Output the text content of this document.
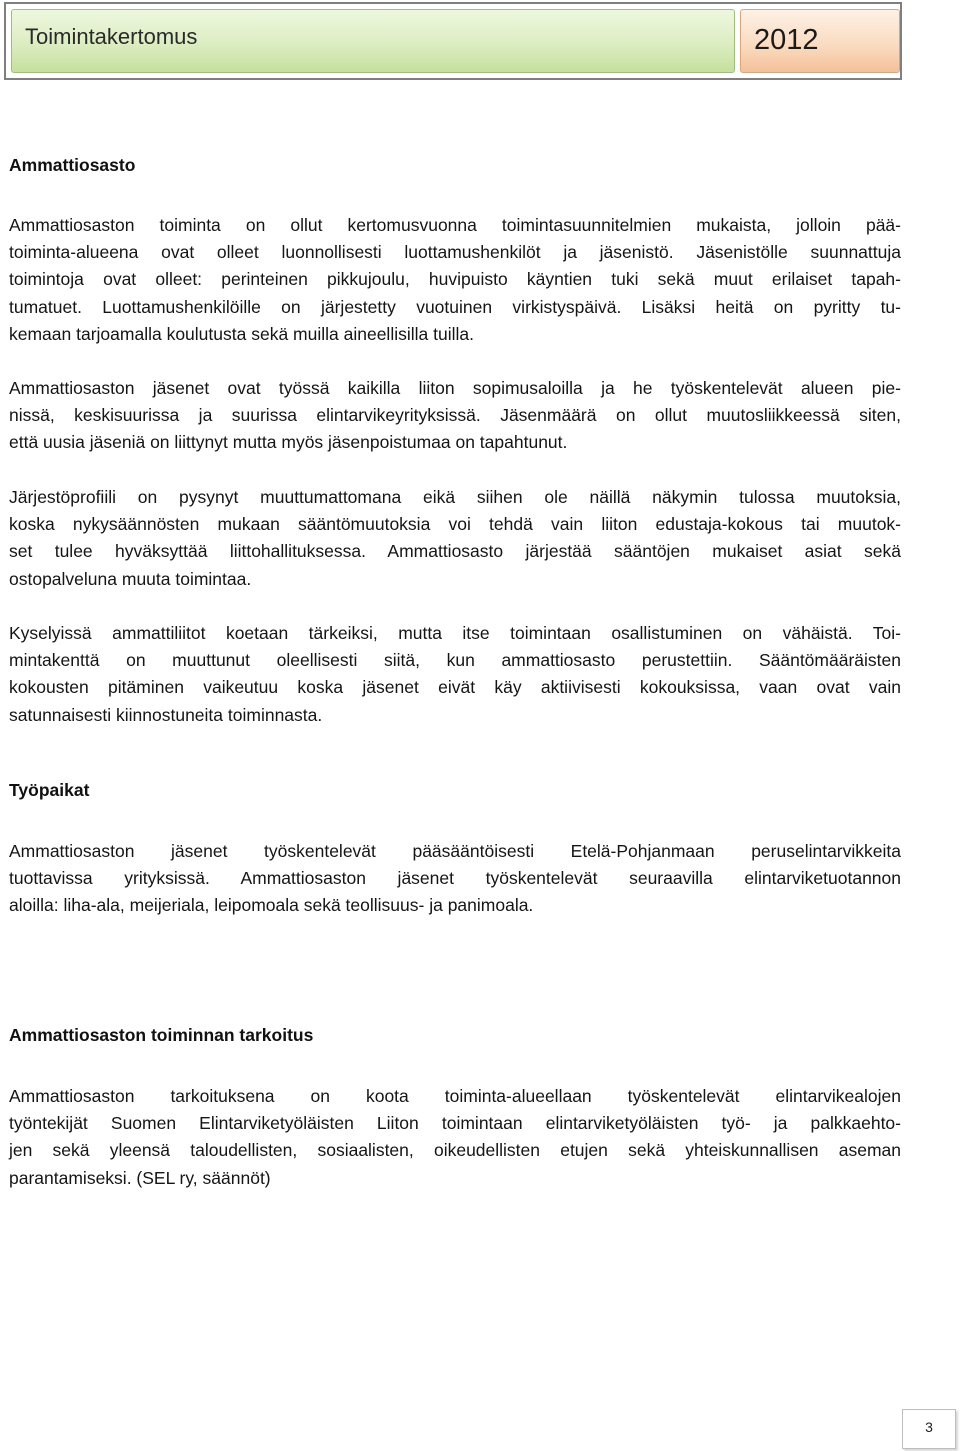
Toimintakertomus	2012
Ammattiosasto

Ammattiosaston toiminta on ollut kertomusvuonna toimintasuunnitelmien mukaista, jolloin pää-
toiminta-alueena ovat olleet luonnollisesti luottamushenkilöt ja jäsenistö. Jäsenistölle suunnattuja
toimintoja ovat olleet: perinteinen pikkujoulu, huvipuisto käyntien tuki sekä muut erilaiset tapah-
tumatuet. Luottamushenkilöille on järjestetty vuotuinen virkistyspäivä. Lisäksi heitä on pyritty tu-
kemaan tarjoamalla koulutusta sekä muilla aineellisilla tuilla.

Ammattiosaston jäsenet ovat työssä kaikilla liiton sopimusaloilla ja he työskentelevät alueen pie-
nissä, keskisuurissa ja suurissa elintarvikeyrityksissä. Jäsenmäärä on ollut muutosliikkeessä siten,
että uusia jäseniä on liittynyt mutta myös jäsenpoistumaa on tapahtunut.

Järjestöprofiili on pysynyt muuttumattomana eikä siihen ole näillä näkymin tulossa muutoksia,
koska nykysäännösten mukaan sääntömuutoksia voi tehdä vain liiton edustaja-kokous tai muutok-
set tulee hyväksyttää liittohallituksessa. Ammattiosasto järjestää sääntöjen mukaiset asiat sekä
ostopalveluna muuta toimintaa.

Kyselyissä ammattiliitot koetaan tärkeiksi, mutta itse toimintaan osallistuminen on vähäistä. Toi-
mintakenttä on muuttunut oleellisesti siitä, kun ammattiosasto perustettiin. Sääntömääräisten
kokousten pitäminen vaikeutuu koska jäsenet eivät käy aktiivisesti kokouksissa, vaan ovat vain
satunnaisesti kiinnostuneita toiminnasta.

Työpaikat

Ammattiosaston jäsenet työskentelevät pääsääntöisesti Etelä-Pohjanmaan peruselintarvikkeita
tuottavissa yrityksissä. Ammattiosaston jäsenet työskentelevät seuraavilla elintarviketuotannon
aloilla: liha-ala, meijeriala, leipomoala sekä teollisuus- ja panimoala.

Ammattiosaston toiminnan tarkoitus

Ammattiosaston tarkoituksena on koota toiminta-alueellaan työskentelevät elintarvikealojen
työntekijät Suomen Elintarviketyöläisten Liiton toimintaan elintarviketyöläisten työ- ja palkkaehto-
jen sekä yleensä taloudellisten, sosiaalisten, oikeudellisten etujen sekä yhteiskunnallisen aseman
parantamiseksi. (SEL ry, säännöt)

3
